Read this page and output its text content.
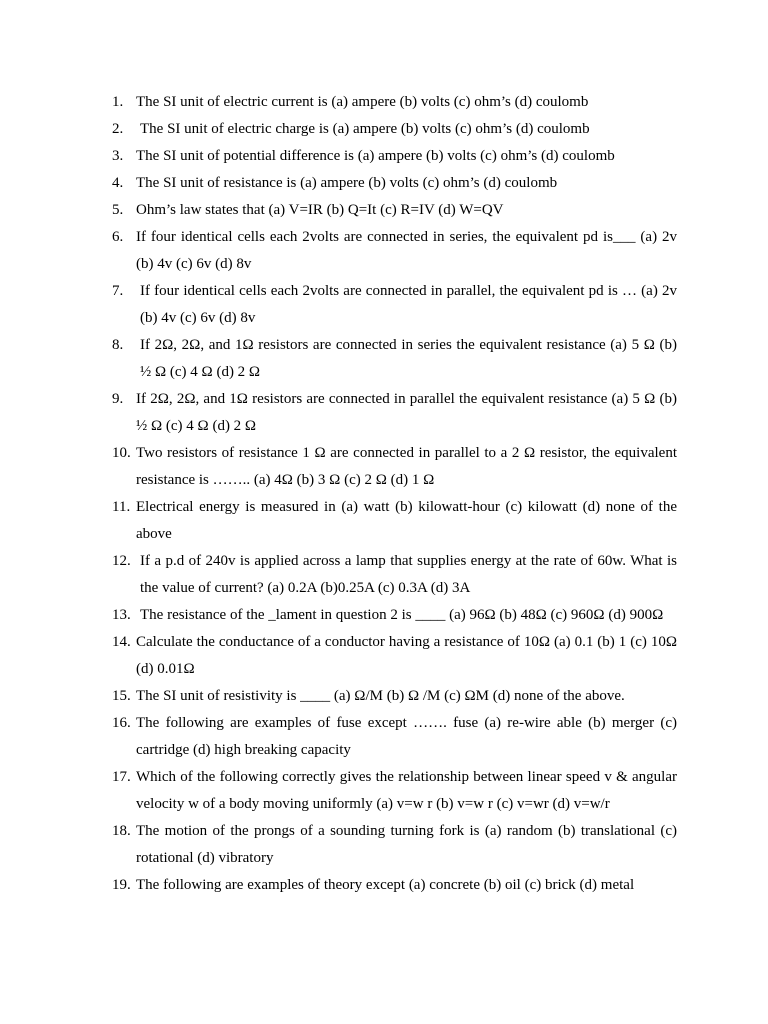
1. The SI unit of electric current is (a) ampere (b) volts (c) ohm’s (d) coulomb
2. The SI unit of electric charge is (a) ampere (b) volts (c) ohm’s (d) coulomb
3. The SI unit of potential difference is (a) ampere (b) volts (c) ohm’s (d) coulomb
4. The SI unit of resistance is (a) ampere (b) volts (c) ohm’s (d) coulomb
5. Ohm’s law states that (a) V=IR (b) Q=It (c) R=IV (d) W=QV
6. If four identical cells each 2volts are connected in series, the equivalent pd is___ (a) 2v (b) 4v (c) 6v (d) 8v
7. If four identical cells each 2volts are connected in parallel, the equivalent pd is … (a) 2v (b) 4v (c) 6v (d) 8v
8. If 2Ω, 2Ω, and 1Ω resistors are connected in series the equivalent resistance (a) 5 Ω (b) ½ Ω (c) 4 Ω (d) 2 Ω
9. If 2Ω, 2Ω, and 1Ω resistors are connected in parallel the equivalent resistance (a) 5 Ω (b) ½ Ω (c) 4 Ω (d) 2 Ω
10. Two resistors of resistance 1 Ω are connected in parallel to a 2 Ω resistor, the equivalent resistance is …….. (a) 4Ω (b) 3 Ω (c) 2 Ω (d) 1 Ω
11. Electrical energy is measured in (a) watt (b) kilowatt-hour (c) kilowatt (d) none of the above
12. If a p.d of 240v is applied across a lamp that supplies energy at the rate of 60w. What is the value of current? (a) 0.2A (b)0.25A (c) 0.3A (d) 3A
13. The resistance of the _lament in question 2 is ____ (a) 96Ω (b) 48Ω (c) 960Ω (d) 900Ω
14. Calculate the conductance of a conductor having a resistance of 10Ω (a) 0.1 (b) 1 (c) 10Ω (d) 0.01Ω
15. The SI unit of resistivity is ____ (a) Ω/M (b) Ω /M (c) ΩM (d) none of the above.
16. The following are examples of fuse except ……. fuse (a) re-wire able (b) merger (c) cartridge (d) high breaking capacity
17. Which of the following correctly gives the relationship between linear speed v & angular velocity w of a body moving uniformly (a) v=w r (b) v=w r (c) v=wr (d) v=w/r
18. The motion of the prongs of a sounding turning fork is (a) random (b) translational (c) rotational (d) vibratory
19. The following are examples of theory except (a) concrete (b) oil (c) brick (d) metal
